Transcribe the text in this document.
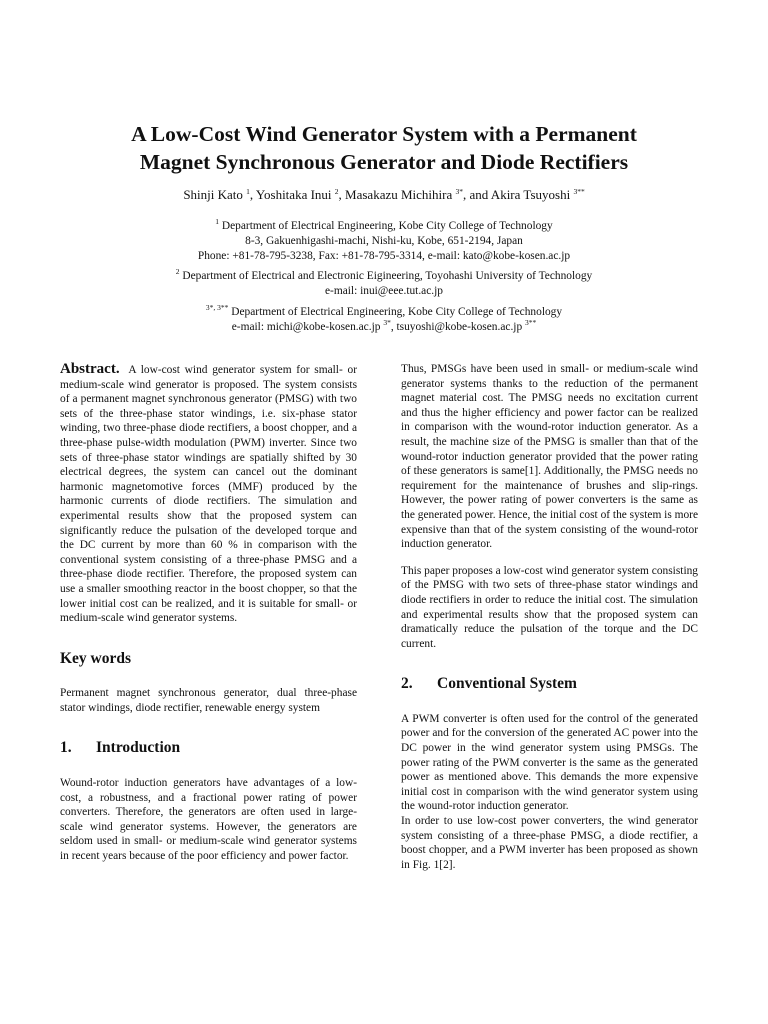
A Low-Cost Wind Generator System with a Permanent
Magnet Synchronous Generator and Diode Rectifiers
Shinji Kato $^1$, Yoshitaka Inui $^2$, Masakazu Michihira $^{3*}$, and Akira Tsuyoshi $^{3**}$
$^1$ Department of Electrical Engineering, Kobe City College of Technology
8-3, Gakuenhigashi-machi, Nishi-ku, Kobe, 651-2194, Japan
Phone: +81-78-795-3238, Fax: +81-78-795-3314, e-mail: kato@kobe-kosen.ac.jp
$^2$ Department of Electrical and Electronic Eigineering, Toyohashi University of Technology
e-mail: inui@eee.tut.ac.jp
$^{3*, 3**}$ Department of Electrical Engineering, Kobe City College of Technology
e-mail: michi@kobe-kosen.ac.jp $^{3*}$, tsuyoshi@kobe-kosen.ac.jp $^{3**}$

Abstract. A low-cost wind generator system for small- or medium-scale wind generator is proposed. The system consists of a permanent magnet synchronous generator (PMSG) with two sets of the three-phase stator windings, i.e. six-phase stator winding, two three-phase diode rectifiers, a boost chopper, and a three-phase pulse-width modulation (PWM) inverter. Since two sets of three-phase stator windings are spatially shifted by 30 electrical degrees, the system can cancel out the dominant harmonic magnetomotive forces (MMF) produced by the harmonic currents of diode rectifiers. The simulation and experimental results show that the proposed system can significantly reduce the pulsation of the developed torque and the DC current by more than 60 % in comparison with the conventional system consisting of a three-phase PMSG and a three-phase diode rectifier. Therefore, the proposed system can use a smaller smoothing reactor in the boost chopper, so that the lower initial cost can be realized, and it is suitable for small- or medium-scale wind generator systems.

Key words

Permanent magnet synchronous generator, dual three-phase stator windings, diode rectifier, renewable energy system

1. Introduction

Wound-rotor induction generators have advantages of a low-cost, a robustness, and a fractional power rating of power converters. Therefore, the generators are often used in large-scale wind generator systems. However, the generators are seldom used in small- or medium-scale wind generator systems in recent years because of the poor efficiency and power factor.

Thus, PMSGs have been used in small- or medium-scale wind generator systems thanks to the reduction of the permanent magnet material cost. The PMSG needs no excitation current and thus the higher efficiency and power factor can be realized in comparison with the wound-rotor induction generator. As a result, the machine size of the PMSG is smaller than that of the wound-rotor induction generator provided that the power rating of these generators is same[1]. Additionally, the PMSG needs no requirement for the maintenance of brushes and slip-rings. However, the power rating of power converters is the same as the generated power. Hence, the initial cost of the system is more expensive than that of the system consisting of the wound-rotor induction generator.

This paper proposes a low-cost wind generator system consisting of the PMSG with two sets of three-phase stator windings and diode rectifiers in order to reduce the initial cost. The simulation and experimental results show that the proposed system can dramatically reduce the pulsation of the torque and the DC current.

2. Conventional System

A PWM converter is often used for the control of the generated power and for the conversion of the generated AC power into the DC power in the wind generator system using PMSGs. The power rating of the PWM converter is the same as the generated power as mentioned above. This demands the more expensive initial cost in comparison with the wind generator system using the wound-rotor induction generator.

In order to use low-cost power converters, the wind generator system consisting of a three-phase PMSG, a diode rectifier, a boost chopper, and a PWM inverter has been proposed as shown in Fig. 1[2].
